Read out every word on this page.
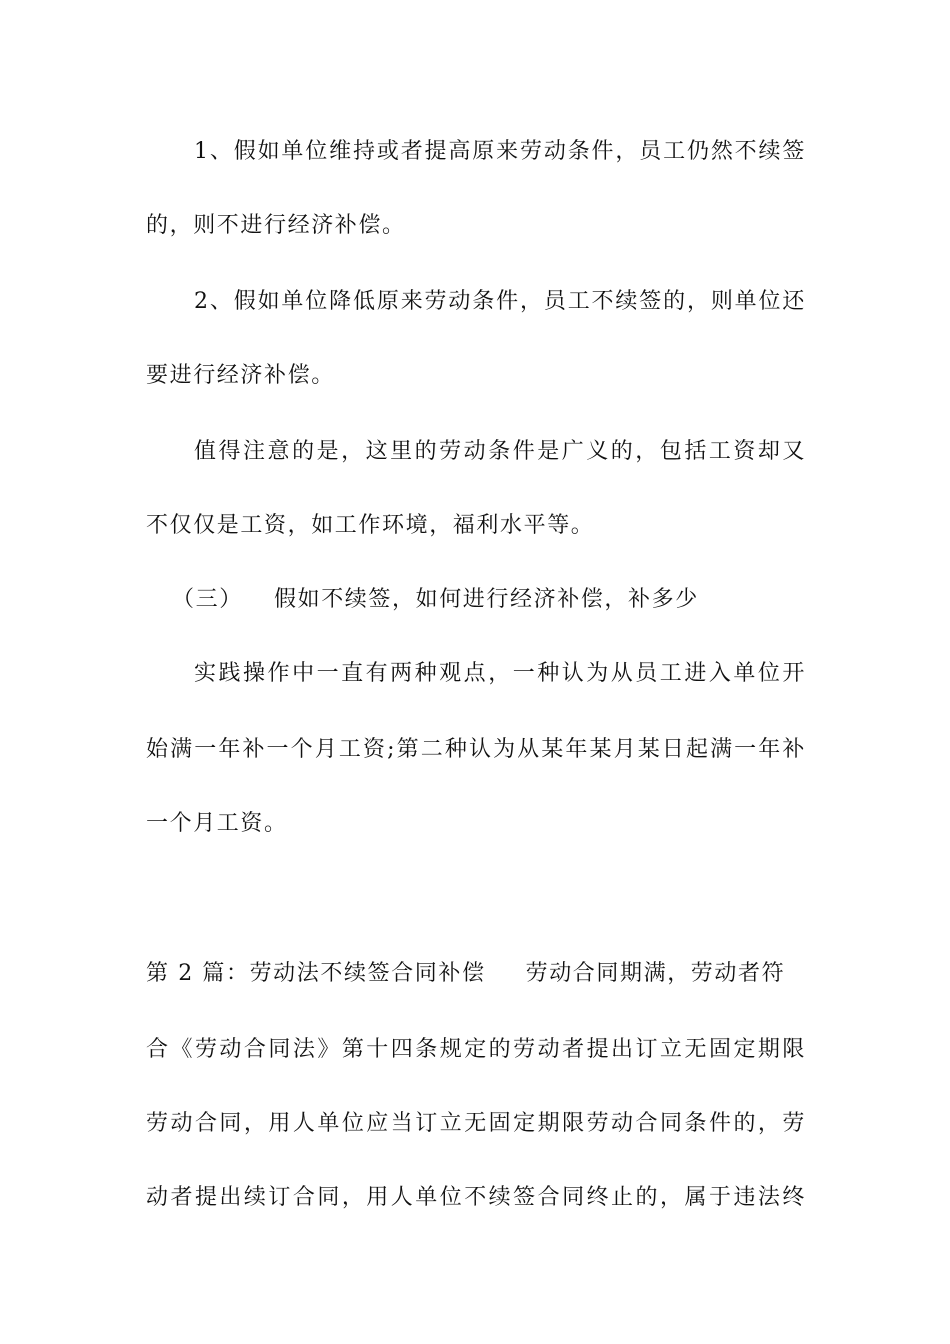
1、假如单位维持或者提高原来劳动条件，员工仍然不续签
的，则不进行经济补偿。
2、假如单位降低原来劳动条件，员工不续签的，则单位还
要进行经济补偿。
值得注意的是，这里的劳动条件是广义的，包括工资却又
不仅仅是工资，如工作环境，福利水平等。
（三） 假如不续签，如何进行经济补偿，补多少
实践操作中一直有两种观点，一种认为从员工进入单位开
始满一年补一个月工资;第二种认为从某年某月某日起满一年补
一个月工资。
第 2 篇：劳动法不续签合同补偿 劳动合同期满，劳动者符
合《劳动合同法》第十四条规定的劳动者提出订立无固定期限
劳动合同，用人单位应当订立无固定期限劳动合同条件的，劳
动者提出续订合同，用人单位不续签合同终止的，属于违法终
